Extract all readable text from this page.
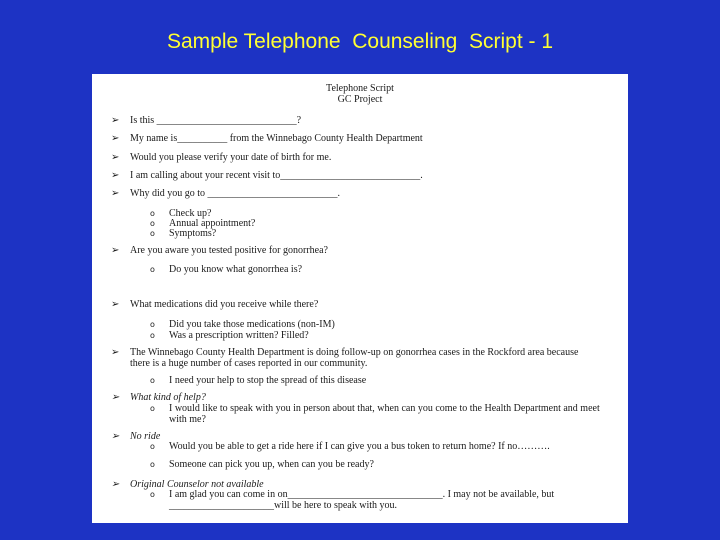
Sample Telephone  Counseling  Script - 1
Telephone Script
GC Project
➢ Is this ____________________________?
➢ My name is__________ from the Winnebago County Health Department
➢ Would you please verify your date of birth for me.
➢ I am calling about your recent visit to____________________________.
➢ Why did you go to __________________________.
o Check up?
o Annual appointment?
o Symptoms?
➢ Are you aware you tested positive for gonorrhea?
o Do you know what gonorrhea is?
➢ What medications did you receive while there?
o Did you take those medications (non-IM)
o Was a prescription written? Filled?
➢ The Winnebago County Health Department is doing follow-up on gonorrhea cases in the Rockford area because there is a huge number of cases reported in our community.
o I need your help to stop the spread of this disease
➢ What kind of help?
o I would like to speak with you in person about that, when can you come to the Health Department and meet with me?
➢ No ride
o Would you be able to get a ride here if I can give you a bus token to return home? If no……….
o Someone can pick you up, when can you be ready?
➢ Original Counselor not available
o I am glad you can come in on_______________________________. I may not be available, but _____________________will be here to speak with you.
